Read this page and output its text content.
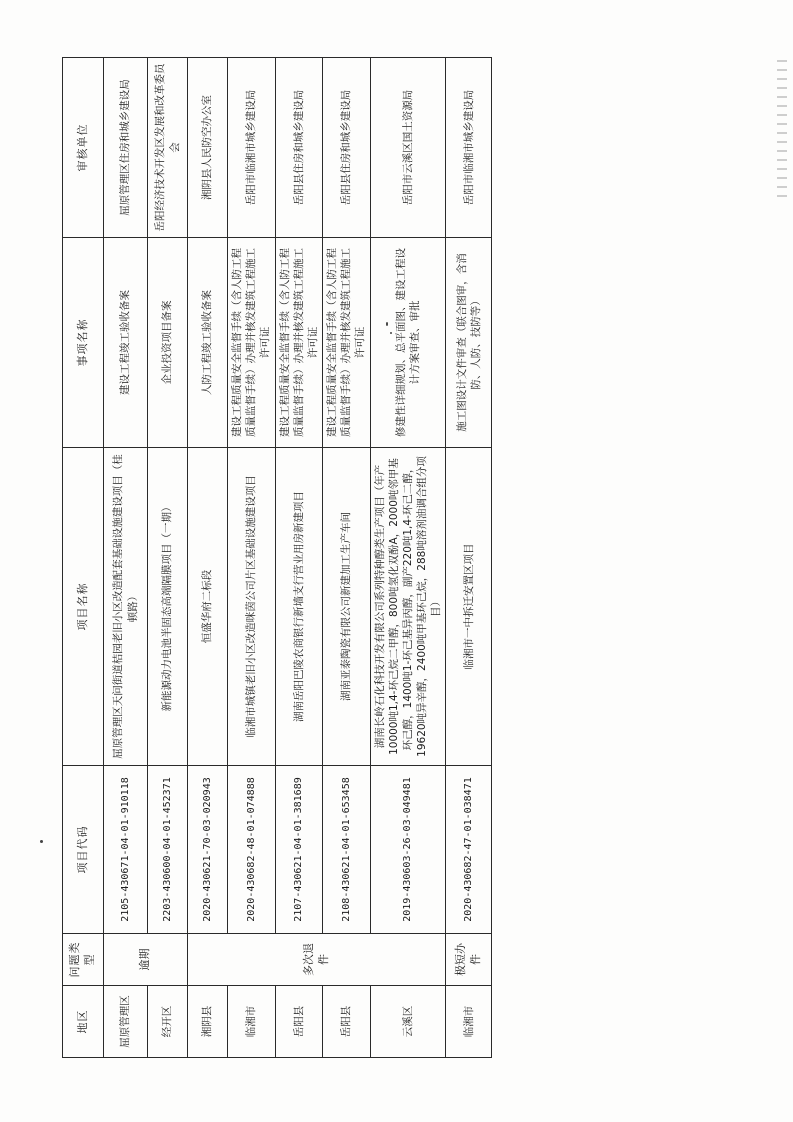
地区	问题类型	项目代码	项目名称	事项名称	审核单位
屈原管理区	逾期	2105-430671-04-01-910118	屈原管理区天问街道桔园老旧小区改造配套基础设施建设项目（桂顿路）	建设工程竣工验收备案	屈原管理区住房和城乡建设局
经开区		2203-430600-04-01-452371	新能源动力电池半固态高端隔膜项目（一期）	企业投资项目备案	岳阳经济技术开发区发展和改革委员会
湘阴县	多次退件	2020-430621-70-03-020943	恒盛华府二标段	人防工程竣工验收备案	湘阴县人民防空办公室
临湘市		2020-430682-48-01-074888	临湘市城镇老旧小区改造咪茵公司片区基础设施建设项目	建设工程质量安全监督手续（含人防工程质量监督手续）办理并核发建筑工程施工许可证	岳阳市临湘市城乡建设局
岳阳县		2107-430621-04-01-381689	湖南岳阳巴陵农商银行新墙支行营业用房新建项目	建设工程质量安全监督手续（含人防工程质量监督手续）办理并核发建筑工程施工许可证	岳阳县住房和城乡建设局
岳阳县		2108-430621-04-01-653458	湖南亚泰陶瓷有限公司新建加工生产车间	建设工程质量安全监督手续（含人防工程质量监督手续）办理并核发建筑工程施工许可证	岳阳县住房和城乡建设局
云溪区		2019-430603-26-03-049481	湖南长岭石化科技开发有限公司系列特种醇类生产项目（年产10000吨1,4-环己烷二甲醇，800吨氢化双酚A，2000吨邻甲基环己醇，1400吨1-环己基异丙醇，副产220吨1,4-环己二醇，19620吨异辛醇，2400吨甲基环己烷，288吨溶剂油调合组分项目）	修建性详细规划、总平面图、建设工程设计方案审查、审批	岳阳市云溪区国土资源局
临湘市	极短办件	2020-430682-47-01-038471	临湘市一中拆迁安置区项目	施工图设计文件审查（联合图审，含消防、人防、技防等）	岳阳市临湘市城乡建设局
